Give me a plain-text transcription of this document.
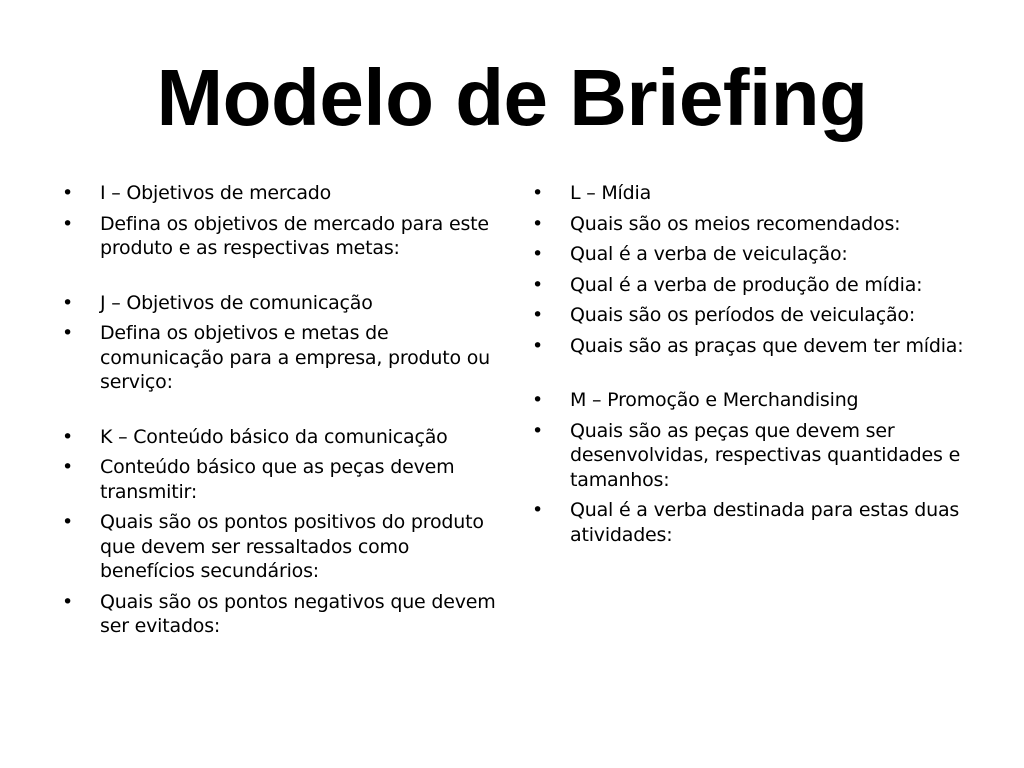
Modelo de Briefing
•	I – Objetivos de mercado
•	Defina os objetivos de mercado para este produto e as respectivas metas:
•	J – Objetivos de comunicação
•	Defina os objetivos e metas de comunicação para a empresa, produto ou serviço:
•	K – Conteúdo básico da comunicação
•	Conteúdo básico que as peças devem transmitir:
•	Quais são os pontos positivos do produto que devem ser ressaltados como benefícios secundários:
•	Quais são os pontos negativos que devem ser evitados:
•	L – Mídia
•	Quais são os meios recomendados:
•	Qual é a verba de veiculação:
•	Qual é a verba de produção de mídia:
•	Quais são os períodos de veiculação:
•	Quais são as praças que devem ter mídia:
•	M – Promoção e Merchandising
•	Quais são as peças que devem ser desenvolvidas, respectivas quantidades e tamanhos:
•	Qual é a verba destinada para estas duas atividades:
